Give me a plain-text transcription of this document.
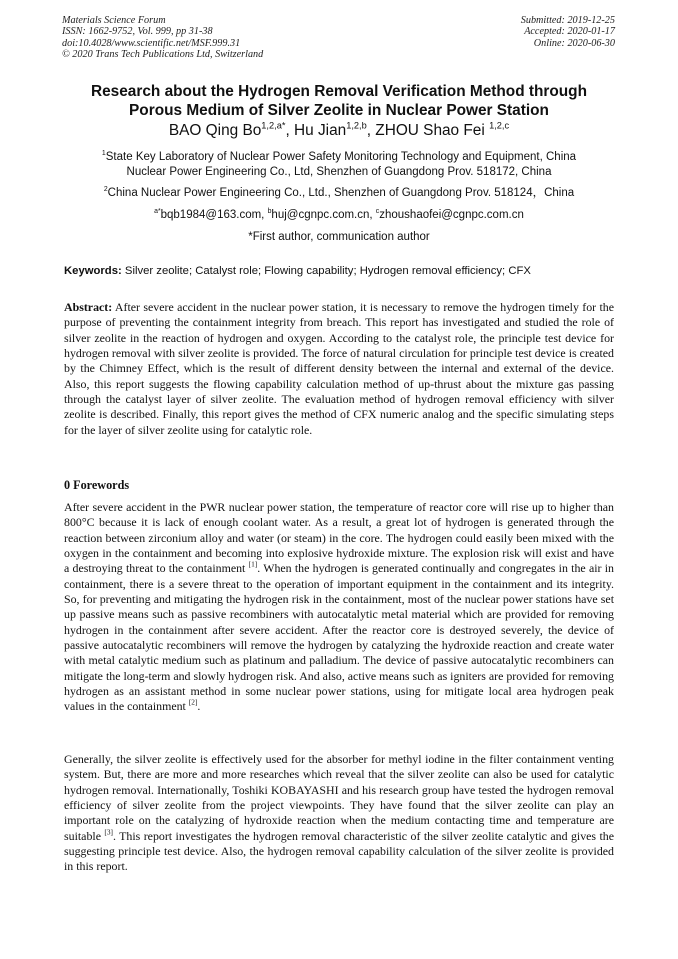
Materials Science Forum
ISSN: 1662-9752, Vol. 999, pp 31-38
doi:10.4028/www.scientific.net/MSF.999.31
© 2020 Trans Tech Publications Ltd, Switzerland
Submitted: 2019-12-25
Accepted: 2020-01-17
Online: 2020-06-30
Research about the Hydrogen Removal Verification Method through
Porous Medium of Silver Zeolite in Nuclear Power Station
BAO Qing $Bo^{1,2,a*}$, Hu Jian$^{1,2,b}$, ZHOU Shao Fei $^{1,2,c}$
$^1$State Key Laboratory of Nuclear Power Safety Monitoring Technology and Equipment, China
Nuclear Power Engineering Co., Ltd, Shenzhen of Guangdong Prov. 518172, China
$^2$China Nuclear Power Engineering Co., Ltd., Shenzhen of Guangdong Prov. 518124，China
$^{a*}$bqb1984@163.com, $^b$huj@cgnpc.com.cn, $^c$zhoushaofei@cgnpc.com.cn
*First author, communication author
Keywords: Silver zeolite; Catalyst role; Flowing capability; Hydrogen removal efficiency; CFX
Abstract: After severe accident in the nuclear power station, it is necessary to remove the hydrogen timely for the purpose of preventing the containment integrity from breach. This report has investigated and studied the role of silver zeolite in the reaction of hydrogen and oxygen. According to the catalyst role, the principle test device for hydrogen removal with silver zeolite is provided. The force of natural circulation for principle test device is created by the Chimney Effect, which is the result of different density between the internal and external of the device. Also, this report suggests the flowing capability calculation method of up-thrust about the mixture gas passing through the catalyst layer of silver zeolite. The evaluation method of hydrogen removal efficiency with silver zeolite is described. Finally, this report gives the method of CFX numeric analog and the specific simulating steps for the layer of silver zeolite using for catalytic role.
0 Forewords
After severe accident in the PWR nuclear power station, the temperature of reactor core will rise up to higher than 800°C because it is lack of enough coolant water. As a result, a great lot of hydrogen is generated through the reaction between zirconium alloy and water (or steam) in the core. The hydrogen could easily been mixed with the oxygen in the containment and becoming into explosive hydroxide mixture. The explosion risk will exist and have a destroying threat to the containment [1]. When the hydrogen is generated continually and congregates in the air in containment, there is a severe threat to the operation of important equipment in the containment and its integrity. So, for preventing and mitigating the hydrogen risk in the containment, most of the nuclear power stations have set up passive means such as passive recombiners with autocatalytic metal material which are provided for removing hydrogen in the containment after severe accident. After the reactor core is destroyed severely, the device of passive autocatalytic recombiners will remove the hydrogen by catalyzing the hydroxide reaction and create water with metal catalytic medium such as platinum and palladium. The device of passive autocatalytic recombiners can mitigate the long-term and slowly hydrogen risk. And also, active means such as igniters are provided for removing hydrogen as an assistant method in some nuclear power stations, using for mitigate local area hydrogen peak values in the containment [2].
Generally, the silver zeolite is effectively used for the absorber for methyl iodine in the filter containment venting system. But, there are more and more researches which reveal that the silver zeolite can also be used for catalytic hydrogen removal. Internationally, Toshiki KOBAYASHI and his research group have tested the hydrogen removal efficiency of silver zeolite from the project viewpoints. They have found that the silver zeolite can play an important role on the catalyzing of hydroxide reaction when the medium contacting time and temperature are suitable [3]. This report investigates the hydrogen removal characteristic of the silver zeolite catalytic and gives the suggesting principle test device. Also, the hydrogen removal capability calculation of the silver zeolite is provided in this report.
